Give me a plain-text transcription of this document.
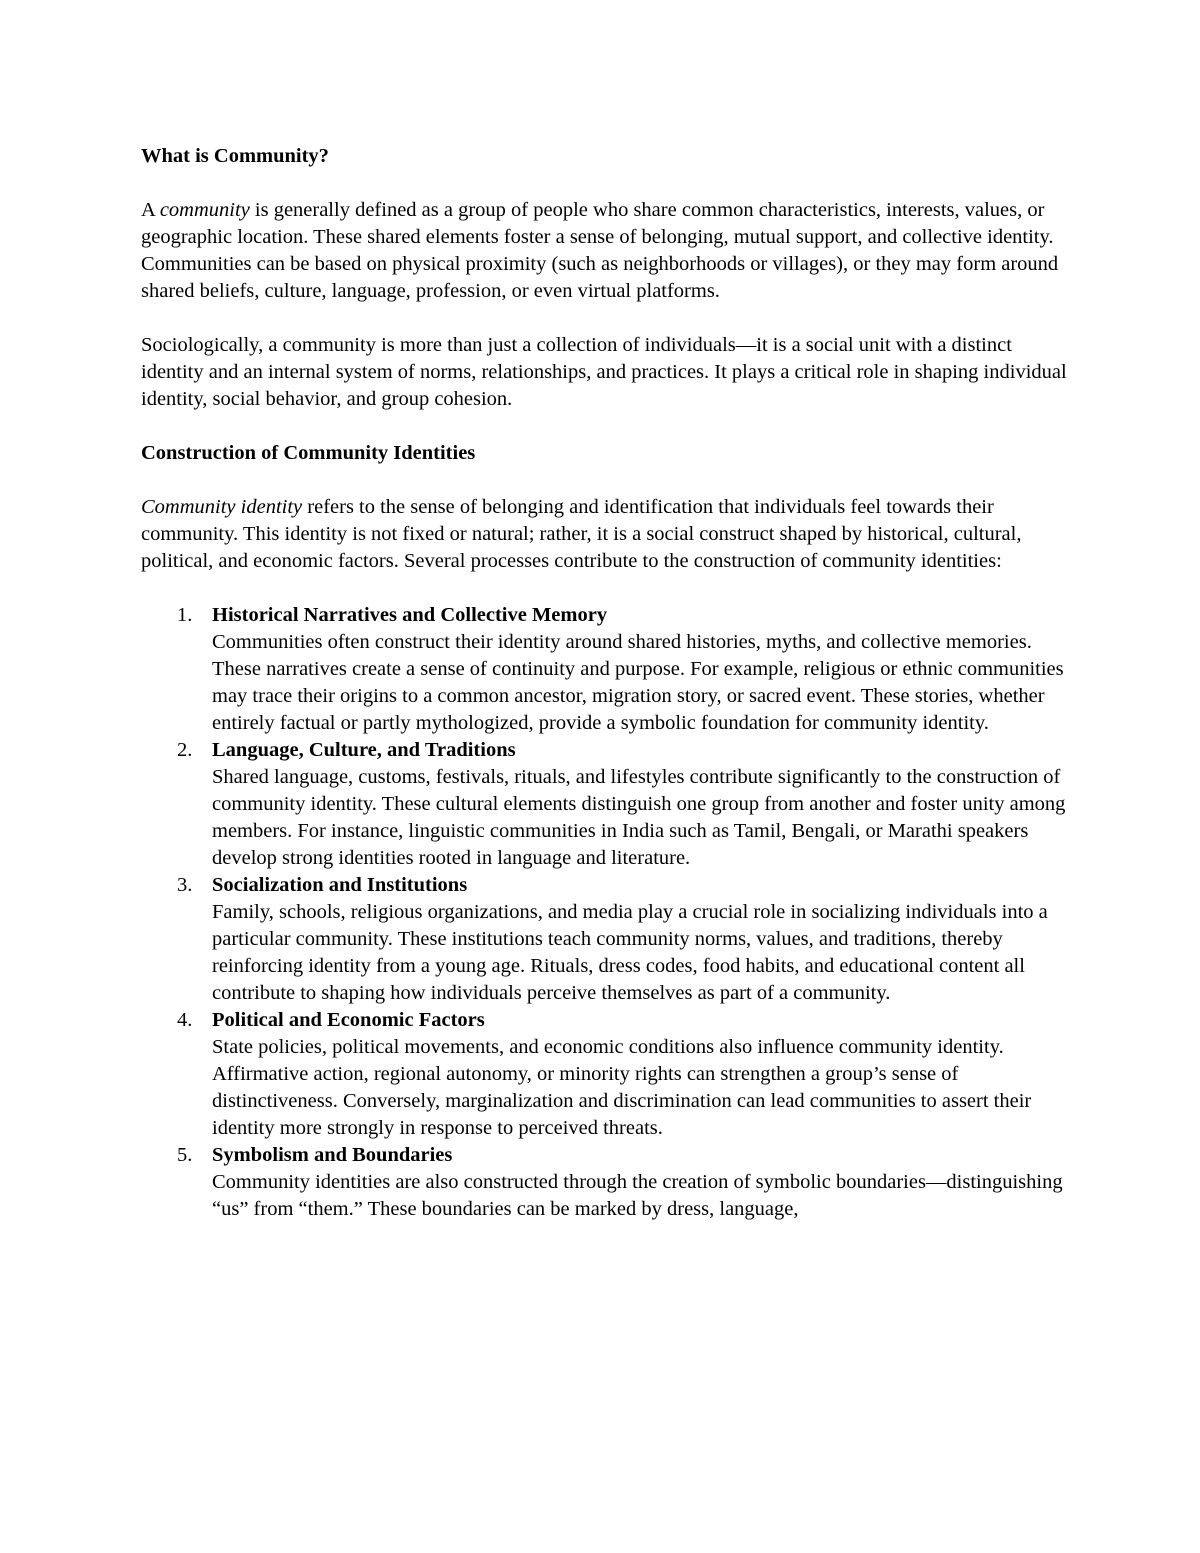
What is Community?

A community is generally defined as a group of people who share common characteristics, interests, values, or geographic location. These shared elements foster a sense of belonging, mutual support, and collective identity. Communities can be based on physical proximity (such as neighborhoods or villages), or they may form around shared beliefs, culture, language, profession, or even virtual platforms.

Sociologically, a community is more than just a collection of individuals—it is a social unit with a distinct identity and an internal system of norms, relationships, and practices. It plays a critical role in shaping individual identity, social behavior, and group cohesion.

Construction of Community Identities

Community identity refers to the sense of belonging and identification that individuals feel towards their community. This identity is not fixed or natural; rather, it is a social construct shaped by historical, cultural, political, and economic factors. Several processes contribute to the construction of community identities:

1. Historical Narratives and Collective Memory
Communities often construct their identity around shared histories, myths, and collective memories. These narratives create a sense of continuity and purpose. For example, religious or ethnic communities may trace their origins to a common ancestor, migration story, or sacred event. These stories, whether entirely factual or partly mythologized, provide a symbolic foundation for community identity.
2. Language, Culture, and Traditions
Shared language, customs, festivals, rituals, and lifestyles contribute significantly to the construction of community identity. These cultural elements distinguish one group from another and foster unity among members. For instance, linguistic communities in India such as Tamil, Bengali, or Marathi speakers develop strong identities rooted in language and literature.
3. Socialization and Institutions
Family, schools, religious organizations, and media play a crucial role in socializing individuals into a particular community. These institutions teach community norms, values, and traditions, thereby reinforcing identity from a young age. Rituals, dress codes, food habits, and educational content all contribute to shaping how individuals perceive themselves as part of a community.
4. Political and Economic Factors
State policies, political movements, and economic conditions also influence community identity. Affirmative action, regional autonomy, or minority rights can strengthen a group’s sense of distinctiveness. Conversely, marginalization and discrimination can lead communities to assert their identity more strongly in response to perceived threats.
5. Symbolism and Boundaries
Community identities are also constructed through the creation of symbolic boundaries—distinguishing “us” from “them.” These boundaries can be marked by dress, language,
